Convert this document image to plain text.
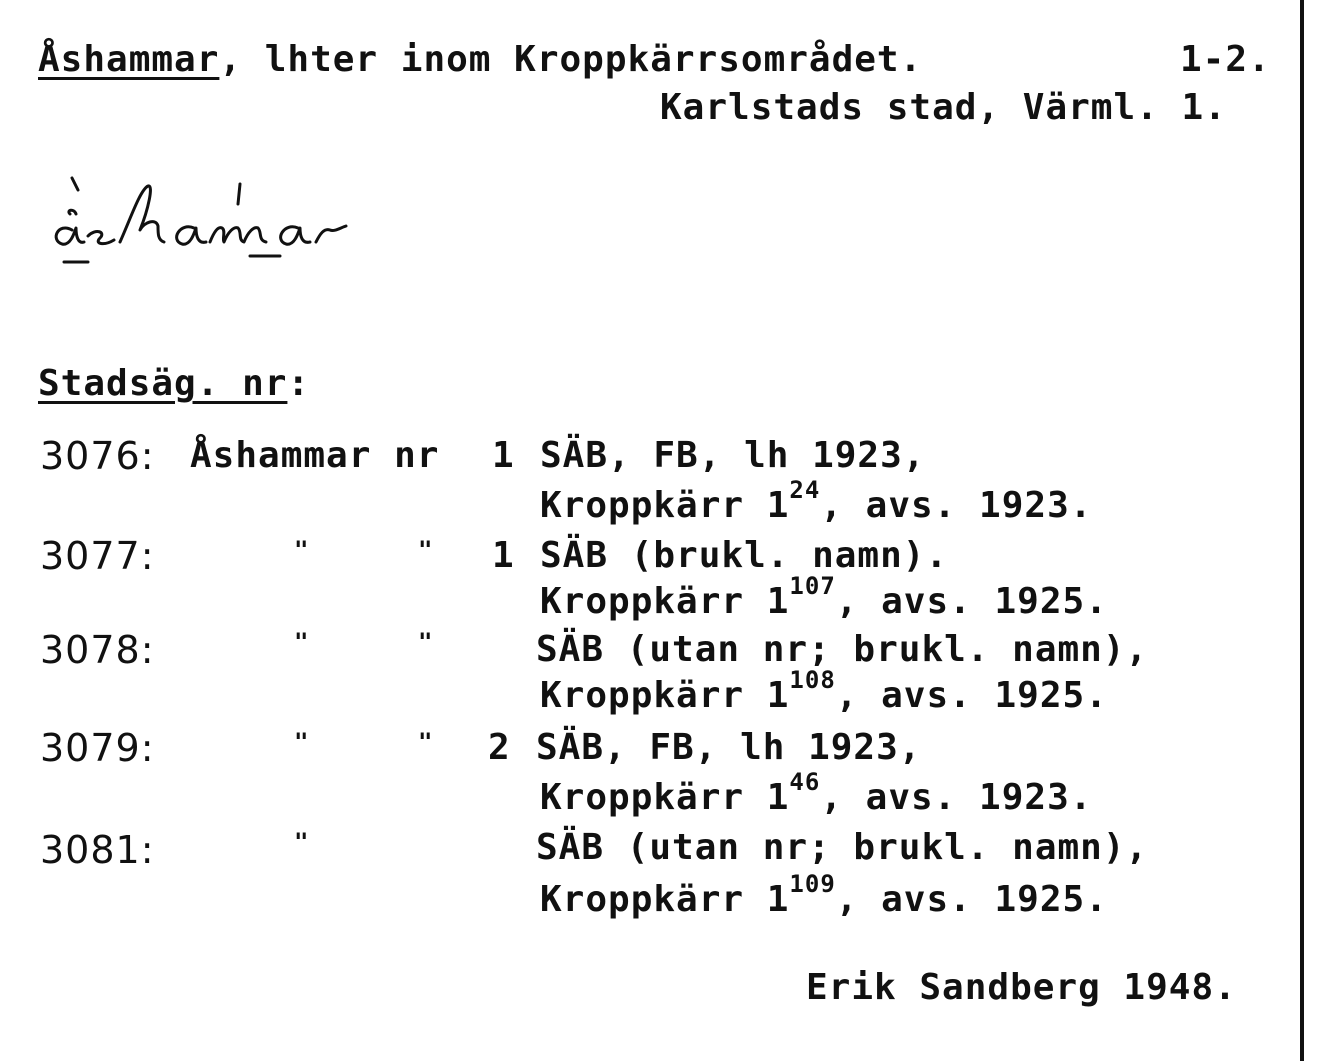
Åshammar, lhter inom Kroppkärrsområdet.	1-2.
Karlstads stad, Värml. 1.
Stadsäg. nr:
3076: Åshammar nr 1 SÄB, FB, lh 1923,
Kroppkärr $1^{24}$, avs. 1923.
3077:	"	" 1 SÄB (brukl. namn).
Kroppkärr $1^{107}$, avs. 1925.
3078:	"	"	SÄB (utan nr; brukl. namn),
Kroppkärr $1^{108}$, avs. 1925.
3079:	"	" 2 SÄB, FB, lh 1923,
Kroppkärr $1^{46}$, avs. 1923.
3081:	"	SÄB (utan nr; brukl. namn),
Kroppkärr $1^{109}$, avs. 1925.
Erik Sandberg 1948.
